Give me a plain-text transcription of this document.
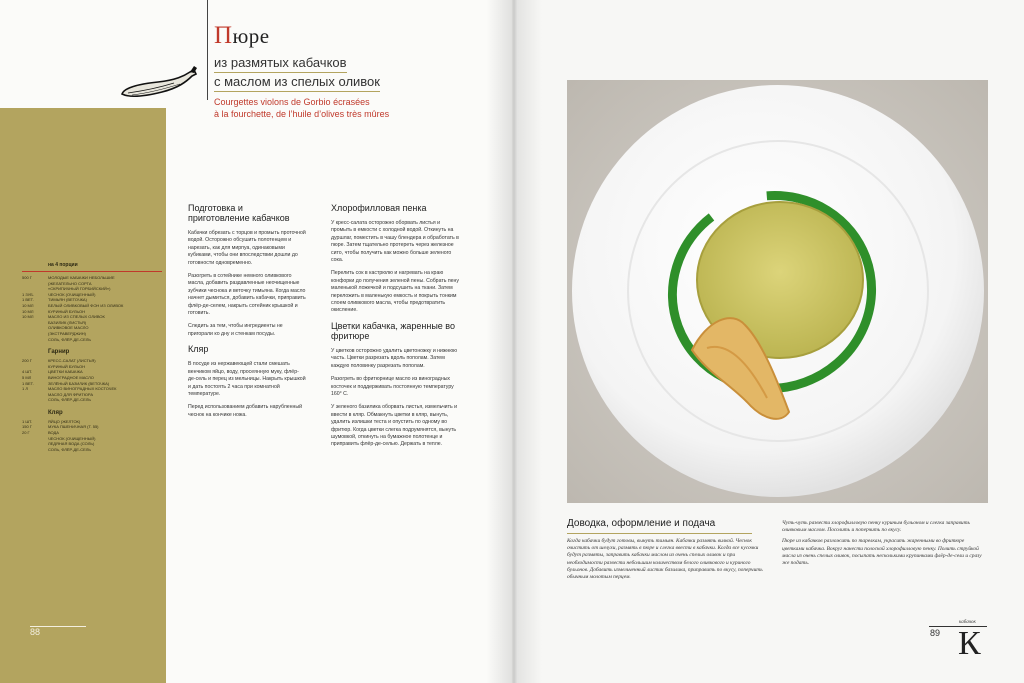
Пюре
из размятых кабачков
с маслом из спелых оливок
Courgettes violons de Gorbio écrasées
à la fourchette, de l’huile d’olives très mûres
на 4 порции
500 Г	МОЛОДЫЕ КАБАЧКИ НЕБОЛЬШИЕ
(ЖЕЛАТЕЛЬНО СОРТА
«СКРИПИЧНЫЙ ГОРБИЙСКИЙ»)
1 ЗУБ.	ЧЕСНОК (ОЧИЩЕННЫЙ)
1 ВЕТ.	ТИМЬЯН (ВЕТОЧКА)
10 МЛ	БЕЛЫЙ ОЛИВКОВЫЙ ФОН ИЗ ОЛИВОК
10 МЛ	КУРИНЫЙ БУЛЬОН
10 МЛ	МАСЛО ИЗ СПЕЛЫХ ОЛИВОК
БАЗИЛИК (ЛИСТЬЯ)
ОЛИВКОВОЕ МАСЛО
(ЭКСТРАВЕРДЖИН)
СОЛЬ, ФЛЁР-ДЕ-СЕЛЬ
Гарнир
200 Г	КРЕСС-САЛАТ (ЛИСТЬЯ)
КУРИНЫЙ БУЛЬОН
4 ШТ.	ЦВЕТКИ КАБАЧКА
5 МЛ	ВИНОГРАДНОЕ МАСЛО
1 ВЕТ.	ЗЕЛЁНЫЙ БАЗИЛИК (ВЕТОЧКА)
1 Л	МАСЛО ВИНОГРАДНЫХ КОСТОЧЕК
МАСЛО ДЛЯ ФРИТЮРА
СОЛЬ, ФЛЁР-ДЕ-СЕЛЬ
Кляр
1 ШТ.	ЯЙЦО (ЖЕЛТОК)
150 Г	МУКА ПШЕНИЧНАЯ (Т. 55)
20 Г	ВОДА
ЧЕСНОК (ОЧИЩЕННЫЙ)
ЛЕДЯНАЯ ВОДА (СОЛЬ)
СОЛЬ, ФЛЁР-ДЕ-СЕЛЬ
Подготовка и приготовление кабачков

Кабачки обрезать с торцов и промыть проточной водой. Осторожно обсушить полотенцем и нарезать, как для мирпуа, одинаковыми кубиками, чтобы они впоследствии дошли до готовности одновременно.

Разогреть в сотейнике немного оливкового масла, добавить раздавленные неочищенные зубчики чеснока и веточку тимьяна. Когда масло начнет дымиться, добавить кабачки, приправить флёр-де-селем, накрыть сотейник крышкой и готовить.

Следить за тем, чтобы ингредиенты не пригорали ко дну и стенкам посуды.

Кляр

В посуде из нержавеющей стали смешать венчиком яйцо, воду, просеянную муку, флёр-де-сель и перец из мельницы. Накрыть крышкой и дать постоять 2 часа при комнатной температуре.

Перед использованием добавить нарубленный чеснок на кончике ножа.

Хлорофилловая пенка

У кресс-салата осторожно оборвать листья и промыть в емкости с холодной водой. Откинуть на дуршлаг, поместить в чашу блендера и обработать в пюре. Затем тщательно протереть через железное сито, чтобы получить как можно больше зеленого сока.

Перелить сок в кастрюлю и нагревать на краю конфорки до получения зеленой пены. Собрать пену маленькой ложечкой и подсушить на ткани. Затем переложить в маленькую емкость и покрыть тонким слоем оливкового масла, чтобы предотвратить окисление.

Цветки кабачка, жаренные во фритюре

У цветков осторожно удалить цветоножку и нижнюю часть. Цветки разрезать вдоль пополам. Затем каждую половинку разрезать пополам.

Разогреть во фритюрнице масло из виноградных косточек и поддерживать постоянную температуру 160° С.

У зеленого базилика оборвать листья, измельчить и ввести в кляр. Обмакнуть цветки в кляр, вынуть, удалить излишки теста и опустить по одному во фритюр. Когда цветки слегка подрумянятся, вынуть шумовкой, откинуть на бумажное полотенце и приправить флёр-де-селью. Держать в тепле.

88
Доводка, оформление и подача

Когда кабачки будут готовы, вынуть тимьян. Кабачки размять вилкой. Чеснок очистить от шелухи, размять в пюре и слегка ввести в кабачки. Когда все кусочки будут размяты, заправить кабачки маслом из очень спелых оливок и при необходимости развести небольшим количеством белого оливкового и куриного бульонов. Добавить измельченный листик базилика, приправить по вкусу, поперчить обычным молотым перцем.

Чуть-чуть развести хлорофилловую пенку куриным бульоном и слегка заправить оливковым маслом. Посолить и поперчить по вкусу.

Пюре из кабачков разложить по тарелкам, украсить жаренными во фритюре цветками кабачка. Вокруг нанести полоской хлорофилловую пенку. Полить струйкой масла из очень спелых оливок, посыпать несколькими крупинками флёр-де-сели и сразу же подать.

кабачок
89 К
